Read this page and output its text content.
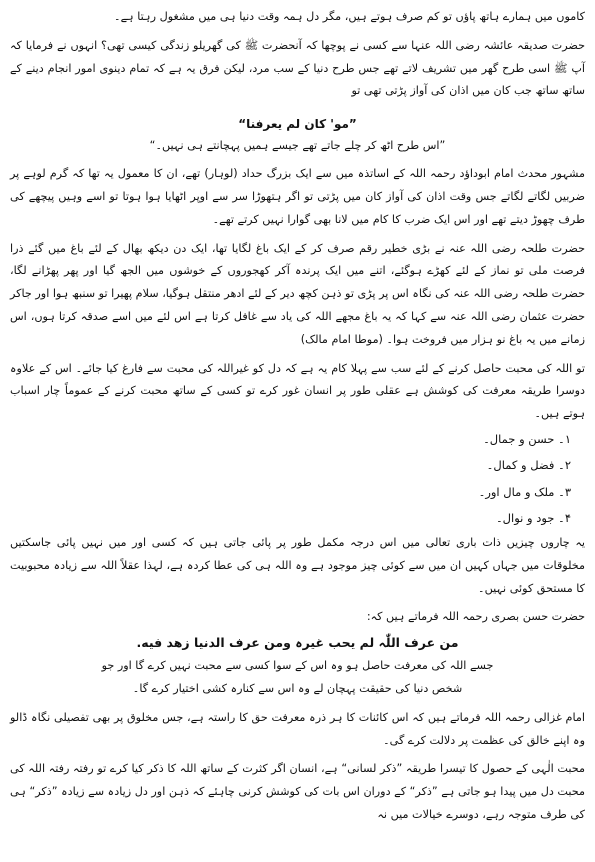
کاموں میں ہمارے ہاتھ پاؤں تو کم صرف ہوتے ہیں، مگر دل ہمہ وقت دنیا ہی میں مشغول رہتا ہے۔

حضرت صدیقہ عائشہ رضی اللہ عنہا سے کسی نے پوچھا کہ آنحضرت ﷺ کی گھریلو زندگی کیسی تھی؟ انہوں نے فرمایا کہ آپ ﷺ اسی طرح گھر میں تشریف لاتے تھے جس طرح دنیا کے سب مرد، لیکن فرق یہ ہے کہ تمام دینوی امور انجام دینے کے ساتھ ساتھ جب کان میں اذان کی آواز پڑتی تھی تو

”مو' کان لم یعرفنا“

”اس طرح اٹھ کر چلے جاتے تھے جیسے ہمیں پہچانتے ہی نہیں۔“

مشہور محدث امام ابوداؤد رحمہ اللہ کے اساتذہ میں سے ایک بزرگ حداد (لوہار) تھے، ان کا معمول یہ تھا کہ گرم لوہے پر ضربیں لگاتے لگاتے جس وقت اذان کی آواز کان میں پڑتی تو اگر ہتھوڑا سر سے اوپر اٹھایا ہوا ہوتا تو اسے وہیں پیچھے کی طرف چھوڑ دیتے تھے اور اس ایک ضرب کا کام میں لانا بھی گوارا نہیں کرتے تھے۔

حضرت طلحہ رضی اللہ عنہ نے بڑی خطیر رقم صرف کر کے ایک باغ لگایا تھا، ایک دن دیکھ بھال کے لئے باغ میں گئے ذرا فرصت ملی تو نماز کے لئے کھڑے ہوگئے، اتنے میں ایک پرندہ آکر کھجوروں کے خوشوں میں الجھ گیا اور پھر پھڑانے لگا، حضرت طلحہ رضی اللہ عنہ کی نگاہ اس پر پڑی تو ذہن کچھ دیر کے لئے ادھر منتقل ہوگیا، سلام پھیرا تو سنبھ ہوا اور جاکر حضرت عثمان رضی اللہ عنہ سے کہا کہ یہ باغ مجھے اللہ کی یاد سے غافل کرتا ہے اس لئے میں اسے صدقہ کرتا ہوں، اس زمانے میں یہ باغ نو ہزار میں فروخت ہوا۔ (موطا امام مالک)

تو اللہ کی محبت حاصل کرنے کے لئے سب سے پہلا کام یہ ہے کہ دل کو غیراللہ کی محبت سے فارغ کیا جائے۔ اس کے علاوہ دوسرا طریقہ معرفت کی کوشش ہے عقلی طور پر انسان غور کرے تو کسی کے ساتھ محبت کرنے کے عموماً چار اسباب ہوتے ہیں۔

۱۔ حسن و جمال۔
۲۔ فضل و کمال۔
۳۔ ملک و مال اور۔
۴۔ جود و نوال۔

یہ چاروں چیزیں ذات باری تعالی میں اس درجہ مکمل طور پر پائی جاتی ہیں کہ کسی اور میں نہیں پائی جاسکتیں مخلوقات میں جہاں کہیں ان میں سے کوئی چیز موجود ہے وہ اللہ ہی کی عطا کردہ ہے، لہذا عقلاً اللہ سے زیادہ محبوبیت کا مستحق کوئی نہیں۔

حضرت حسن بصری رحمہ اللہ فرماتے ہیں کہ:

من عرف اللّٰہ لم یحب غیرہ ومن عرف الدنیا زهد فیه.

جسے اللہ کی معرفت حاصل ہو وہ اس کے سوا کسی سے محبت نہیں کرے گا اور جو

شخص دنیا کی حقیقت پہچان لے وہ اس سے کنارہ کشی اختیار کرے گا۔

امام غزالی رحمہ اللہ فرماتے ہیں کہ اس کائنات کا ہر ذرہ معرفت حق کا راستہ ہے، جس مخلوق پر بھی تفصیلی نگاہ ڈالو وہ اپنے خالق کی عظمت پر دلالت کرے گی۔

محبت الٰہی کے حصول کا تیسرا طریقہ ”ذکر لسانی“ ہے، انسان اگر کثرت کے ساتھ اللہ کا ذکر کیا کرے تو رفتہ رفتہ اللہ کی محبت دل میں پیدا ہو جاتی ہے ”ذکر“ کے دوران اس بات کی کوشش کرنی چاہئے کہ ذہن اور دل زیادہ سے زیادہ ”ذکر“ ہی کی طرف متوجہ رہے، دوسرے خیالات میں نہ
